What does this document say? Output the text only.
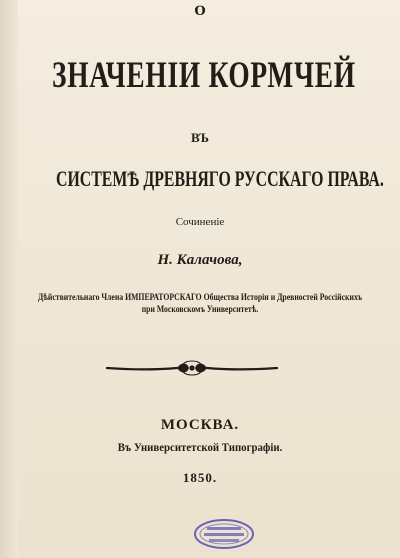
О
ЗНАЧЕНІИ КОРМЧЕЙ
ВЪ
СИСТЕМѢ ДРЕВНЯГО РУССКАГО ПРАВА.
Сочиненіе
Н. Калачова,
Дѣйствительнаго Члена ИМПЕРАТОРСКАГО Общества Исторіи и Древностей Россійскихъ
при Московскомъ Университетѣ.
МОСКВА.
Въ Университетской Типографіи.
1850.
